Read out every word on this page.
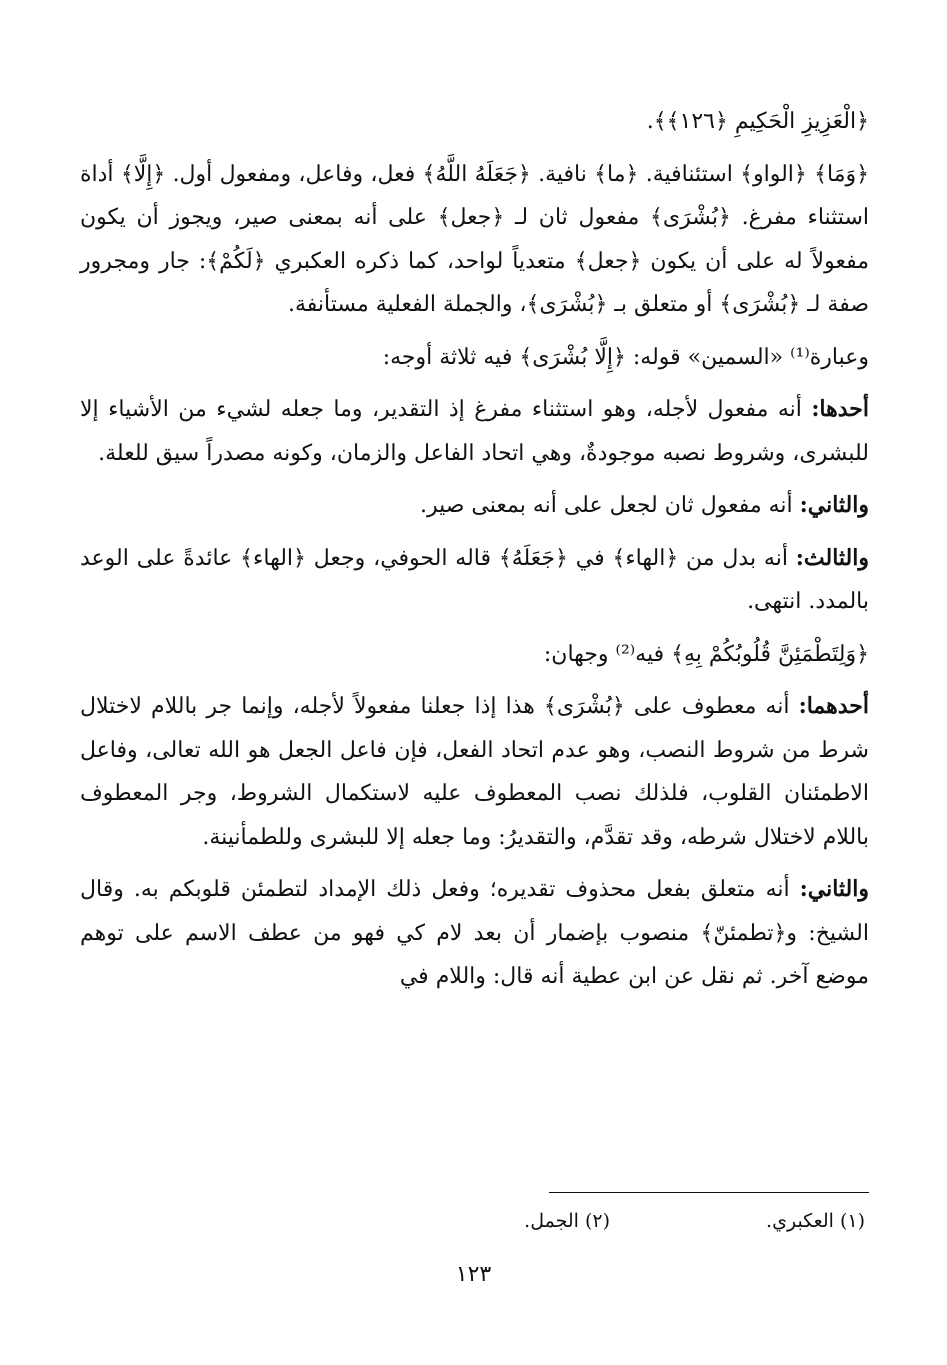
﴿الْعَزِيزِ الْحَكِيمِ ﴿١٢٦﴾﴾.

﴿وَمَا﴾ ﴿الواو﴾ استئنافية. ﴿ما﴾ نافية. ﴿جَعَلَهُ اللَّهُ﴾ فعل، وفاعل، ومفعول أول. ﴿إِلَّا﴾ أداة استثناء مفرغ. ﴿بُشْرَى﴾ مفعول ثان لـ ﴿جعل﴾ على أنه بمعنى صير، ويجوز أن يكون مفعولاً له على أن يكون ﴿جعل﴾ متعدياً لواحد، كما ذكره العكبري ﴿لَكُمْ﴾: جار ومجرور صفة لـ ﴿بُشْرَى﴾ أو متعلق بـ ﴿بُشْرَى﴾، والجملة الفعلية مستأنفة.

وعبارة⁽¹⁾ «السمين» قوله: ﴿إِلَّا بُشْرَى﴾ فيه ثلاثة أوجه:

أحدها: أنه مفعول لأجله، وهو استثناء مفرغ إذ التقدير، وما جعله لشيء من الأشياء إلا للبشرى، وشروط نصبه موجودةٌ، وهي اتحاد الفاعل والزمان، وكونه مصدراً سيق للعلة.

والثاني: أنه مفعول ثان لجعل على أنه بمعنى صير.

والثالث: أنه بدل من ﴿الهاء﴾ في ﴿جَعَلَهُ﴾ قاله الحوفي، وجعل ﴿الهاء﴾ عائدةً على الوعد بالمدد. انتهى.

﴿وَلِتَطْمَئِنَّ قُلُوبُكُمْ بِهِ﴾ فيه⁽²⁾ وجهان:

أحدهما: أنه معطوف على ﴿بُشْرَى﴾ هذا إذا جعلنا مفعولاً لأجله، وإنما جر باللام لاختلال شرط من شروط النصب، وهو عدم اتحاد الفعل، فإن فاعل الجعل هو الله تعالى، وفاعل الاطمئنان القلوب، فلذلك نصب المعطوف عليه لاستكمال الشروط، وجر المعطوف باللام لاختلال شرطه، وقد تقدَّم، والتقديرُ: وما جعله إلا للبشرى وللطمأنينة.

والثاني: أنه متعلق بفعل محذوف تقديره؛ وفعل ذلك الإمداد لتطمئن قلوبكم به. وقال الشيخ: و﴿تطمئنّ﴾ منصوب بإضمار أن بعد لام كي فهو من عطف الاسم على توهم موضع آخر. ثم نقل عن ابن عطية أنه قال: واللام في

(١) العكبري. (٢) الجمل.
١٢٣
